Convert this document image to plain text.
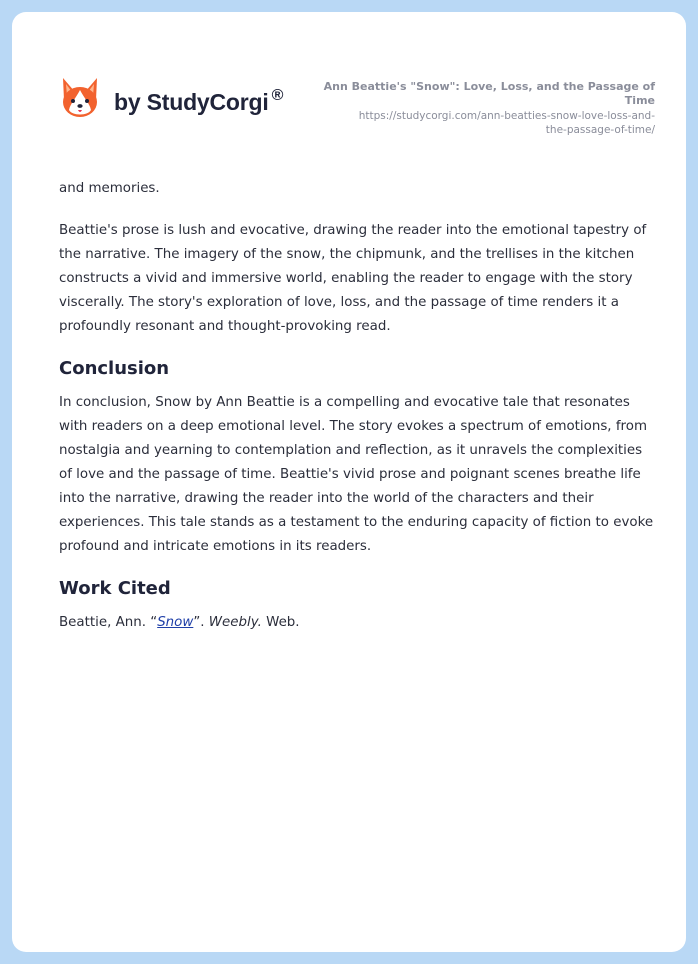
by StudyCorgi ®	Ann Beattie's "Snow": Love, Loss, and the Passage of Time
https://studycorgi.com/ann-beatties-snow-love-loss-and-
the-passage-of-time/

and memories.

Beattie's prose is lush and evocative, drawing the reader into the emotional tapestry of the narrative. The imagery of the snow, the chipmunk, and the trellises in the kitchen constructs a vivid and immersive world, enabling the reader to engage with the story viscerally. The story's exploration of love, loss, and the passage of time renders it a profoundly resonant and thought-provoking read.

Conclusion

In conclusion, Snow by Ann Beattie is a compelling and evocative tale that resonates with readers on a deep emotional level. The story evokes a spectrum of emotions, from nostalgia and yearning to contemplation and reflection, as it unravels the complexities of love and the passage of time. Beattie's vivid prose and poignant scenes breathe life into the narrative, drawing the reader into the world of the characters and their experiences. This tale stands as a testament to the enduring capacity of fiction to evoke profound and intricate emotions in its readers.

Work Cited

Beattie, Ann. “Snow”. Weebly. Web.
